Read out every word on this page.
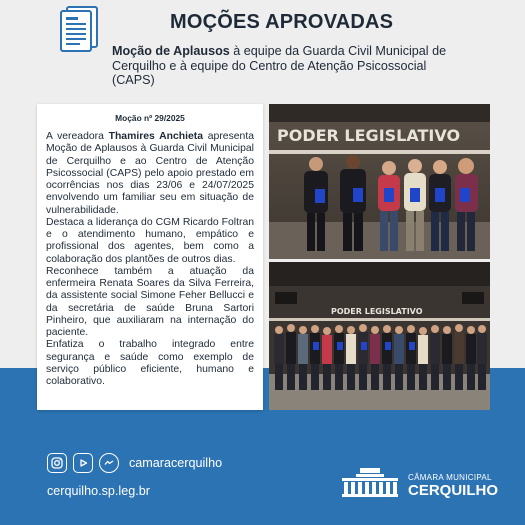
MOÇÕES APROVADAS
Moção de Aplausos à equipe da Guarda Civil Municipal de Cerquilho e à equipe do Centro de Atenção Psicossocial (CAPS)
Moção nº 29/2025

A vereadora Thamires Anchieta apresenta Moção de Aplausos à Guarda Civil Municipal de Cerquilho e ao Centro de Atenção Psicossocial (CAPS) pelo apoio prestado em ocorrências nos dias 23/06 e 24/07/2025 envolvendo um familiar seu em situação de vulnerabilidade.

Destaca a liderança do CGM Ricardo Foltran e o atendimento humano, empático e profissional dos agentes, bem como a colaboração dos plantões de outros dias.

Reconhece também a atuação da enfermeira Renata Soares da Silva Ferreira, da assistente social Simone Feher Bellucci e da secretária de saúde Bruna Sartori Pinheiro, que auxiliaram na internação do paciente.

Enfatiza o trabalho integrado entre segurança e saúde como exemplo de serviço público eficiente, humano e colaborativo.

PODER LEGISLATIVO
PODER LEGISLATIVO
camaracerquilho
cerquilho.sp.leg.br
CÂMARA MUNICIPAL
CERQUILHO
